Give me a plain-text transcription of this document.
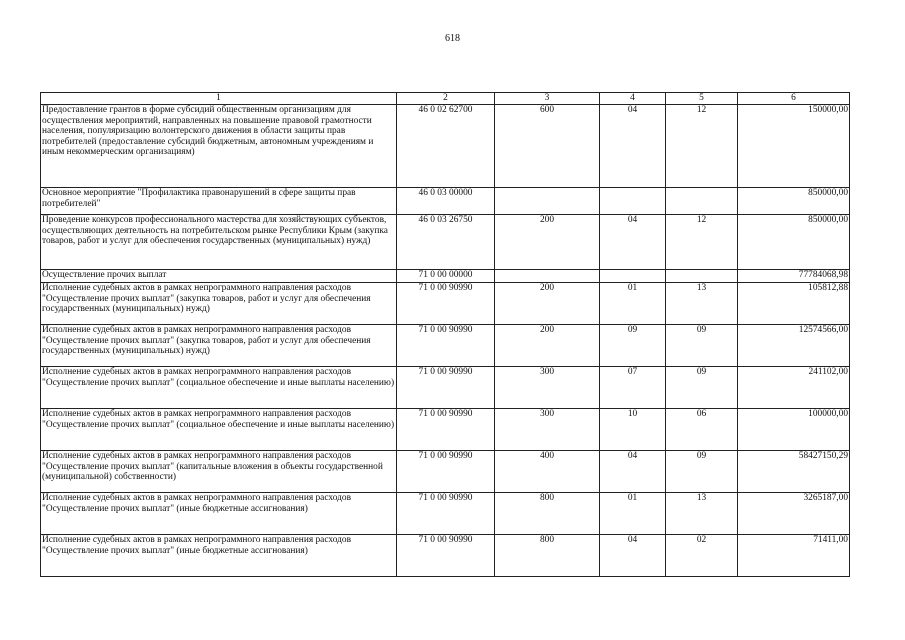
618
1	2	3	4	5	6
Предоставление грантов в форме субсидий общественным организациям для осуществления мероприятий, направленных на повышение правовой грамотности населения, популяризацию волонтерского движения в области защиты прав потребителей (предоставление субсидий бюджетным, автономным учреждениям и иным некоммерческим организациям)	46 0 02 62700	600	04	12	150000,00
Основное мероприятие "Профилактика правонарушений в сфере защиты прав потребителей"	46 0 03 00000				850000,00
Проведение конкурсов профессионального мастерства для хозяйствующих субъектов, осуществляющих деятельность на потребительском рынке Республики Крым (закупка товаров, работ и услуг для обеспечения государственных (муниципальных) нужд)	46 0 03 26750	200	04	12	850000,00
Осуществление прочих выплат	71 0 00 00000				77784068,98
Исполнение судебных актов в рамках непрограммного направления расходов "Осуществление прочих выплат" (закупка товаров, работ и услуг для обеспечения государственных (муниципальных) нужд)	71 0 00 90990	200	01	13	105812,88
Исполнение судебных актов в рамках непрограммного направления расходов "Осуществление прочих выплат" (закупка товаров, работ и услуг для обеспечения государственных (муниципальных) нужд)	71 0 00 90990	200	09	09	12574566,00
Исполнение судебных актов в рамках непрограммного направления расходов "Осуществление прочих выплат" (социальное обеспечение и иные выплаты населению)	71 0 00 90990	300	07	09	241102,00
Исполнение судебных актов в рамках непрограммного направления расходов "Осуществление прочих выплат" (социальное обеспечение и иные выплаты населению)	71 0 00 90990	300	10	06	100000,00
Исполнение судебных актов в рамках непрограммного направления расходов "Осуществление прочих выплат" (капитальные вложения в объекты государственной (муниципальной) собственности)	71 0 00 90990	400	04	09	58427150,29
Исполнение судебных актов в рамках непрограммного направления расходов "Осуществление прочих выплат" (иные бюджетные ассигнования)	71 0 00 90990	800	01	13	3265187,00
Исполнение судебных актов в рамках непрограммного направления расходов "Осуществление прочих выплат" (иные бюджетные ассигнования)	71 0 00 90990	800	04	02	71411,00
